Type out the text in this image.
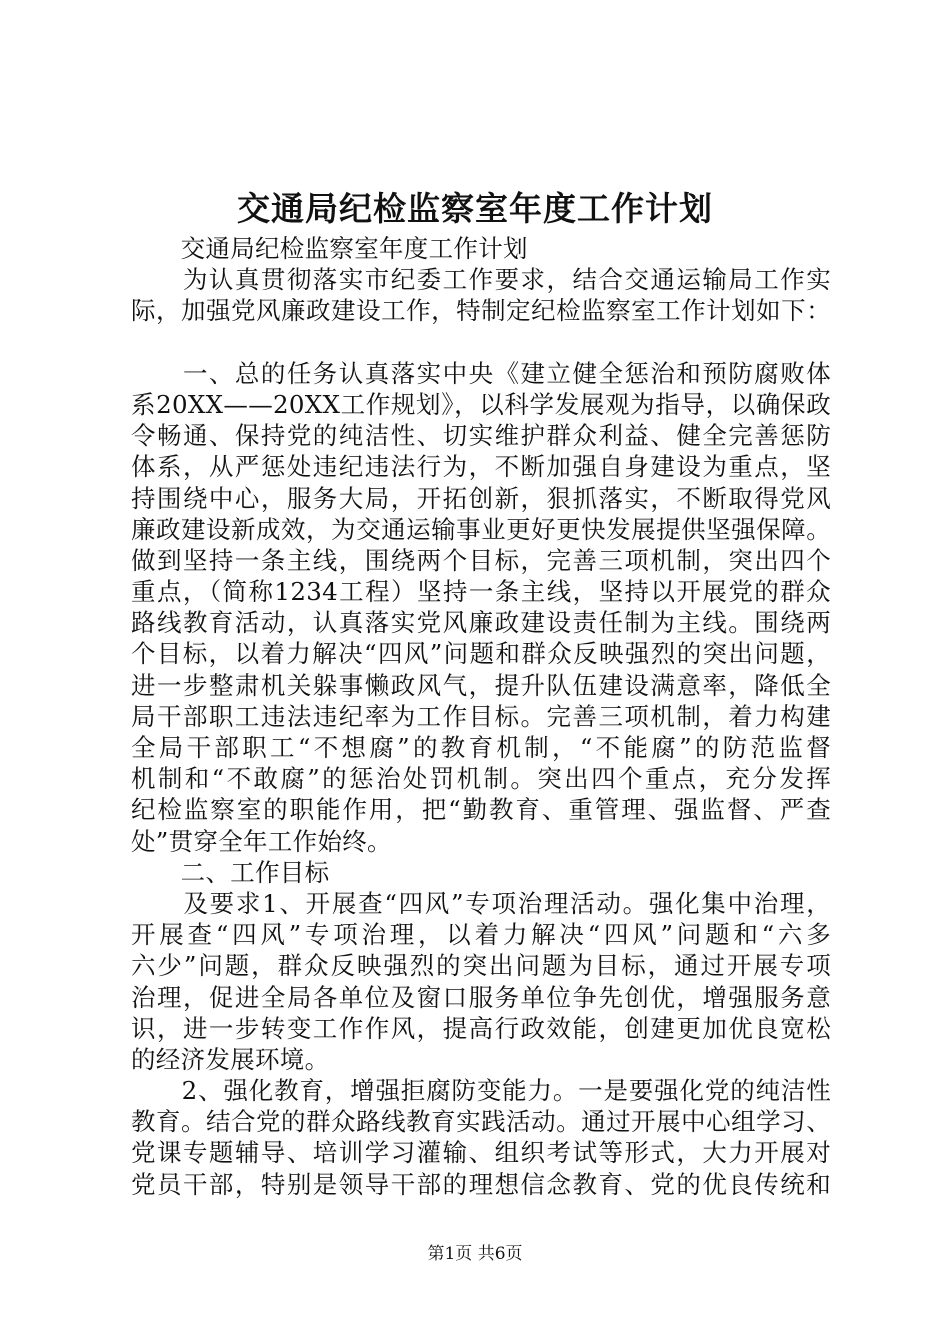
交通局纪检监察室年度工作计划
　　交通局纪检监察室年度工作计划
　　为认真贯彻落实市纪委工作要求，结合交通运输局工作实
际，加强党风廉政建设工作，特制定纪检监察室工作计划如下：
　　一、总的任务认真落实中央《建立健全惩治和预防腐败体
系20XX——20XX工作规划》，以科学发展观为指导，以确保政
令畅通、保持党的纯洁性、切实维护群众利益、健全完善惩防
体系，从严惩处违纪违法行为，不断加强自身建设为重点，坚
持围绕中心，服务大局，开拓创新，狠抓落实，不断取得党风
廉政建设新成效，为交通运输事业更好更快发展提供坚强保障。
做到坚持一条主线，围绕两个目标，完善三项机制，突出四个
重点，（简称1234工程）坚持一条主线，坚持以开展党的群众
路线教育活动，认真落实党风廉政建设责任制为主线。围绕两
个目标，以着力解决“四风”问题和群众反映强烈的突出问题，
进一步整肃机关躲事懒政风气，提升队伍建设满意率，降低全
局干部职工违法违纪率为工作目标。完善三项机制，着力构建
全局干部职工“不想腐”的教育机制，“不能腐”的防范监督
机制和“不敢腐”的惩治处罚机制。突出四个重点，充分发挥
纪检监察室的职能作用，把“勤教育、重管理、强监督、严查
处”贯穿全年工作始终。
　　二、工作目标
　　及要求1、开展查“四风”专项治理活动。强化集中治理，
开展查“四风”专项治理，以着力解决“四风”问题和“六多
六少”问题，群众反映强烈的突出问题为目标，通过开展专项
治理，促进全局各单位及窗口服务单位争先创优，增强服务意
识，进一步转变工作作风，提高行政效能，创建更加优良宽松
的经济发展环境。
　　2、强化教育，增强拒腐防变能力。一是要强化党的纯洁性
教育。结合党的群众路线教育实践活动。通过开展中心组学习、
党课专题辅导、培训学习灌输、组织考试等形式，大力开展对
党员干部，特别是领导干部的理想信念教育、党的优良传统和
第1页 共6页
